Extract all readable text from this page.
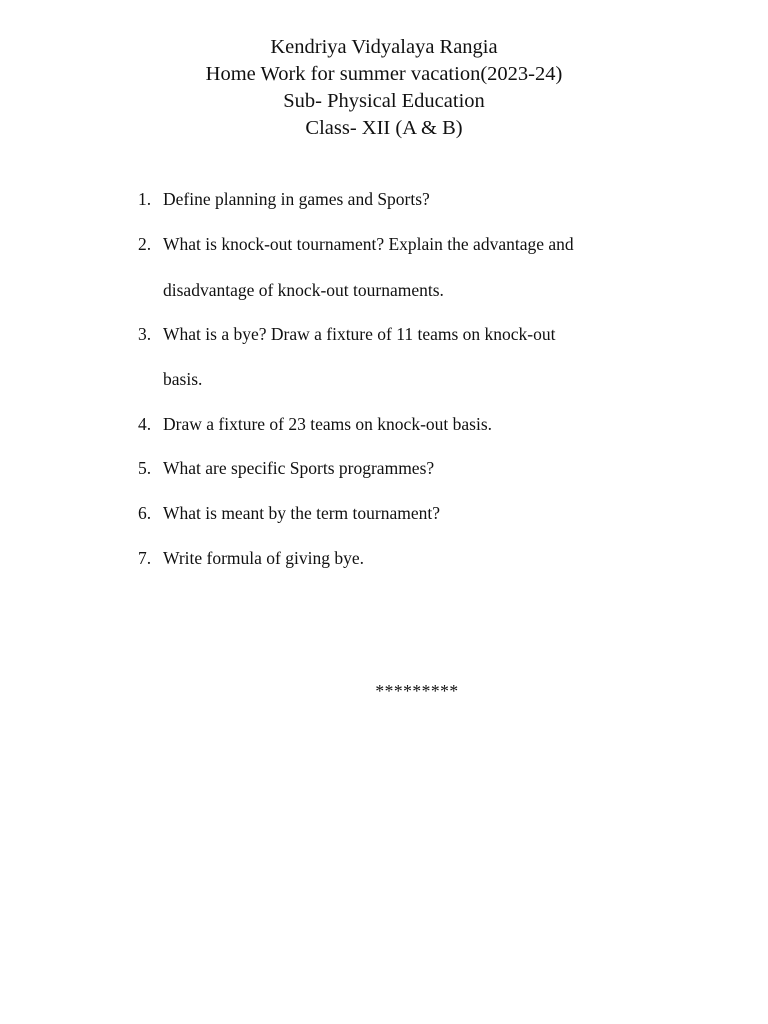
Kendriya Vidyalaya Rangia
Home Work for summer vacation(2023-24)
Sub- Physical Education
Class- XII (A & B)
1. Define planning in games and Sports?
2. What is knock-out tournament? Explain the advantage and
disadvantage of knock-out tournaments.
3. What is a bye? Draw a fixture of 11 teams on knock-out
basis.
4. Draw a fixture of 23 teams on knock-out basis.
5. What are specific Sports programmes?
6. What is meant by the term tournament?
7. Write formula of giving bye.
*********
